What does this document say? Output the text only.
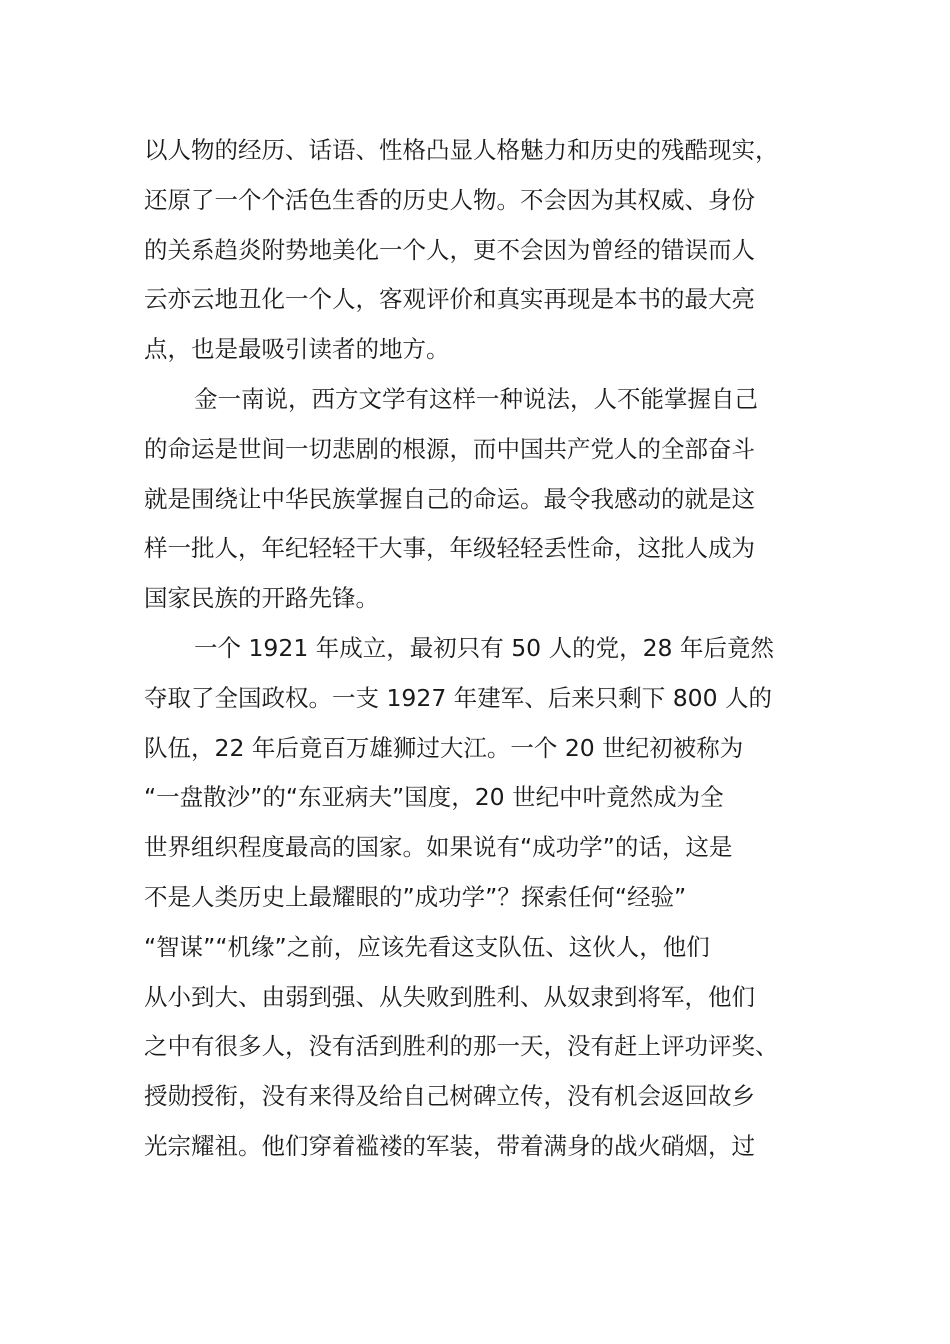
以人物的经历、话语、性格凸显人格魅力和历史的残酷现实，
还原了一个个活色生香的历史人物。不会因为其权威、身份
的关系趋炎附势地美化一个人，更不会因为曾经的错误而人
云亦云地丑化一个人，客观评价和真实再现是本书的最大亮
点，也是最吸引读者的地方。
金一南说，西方文学有这样一种说法，人不能掌握自己
的命运是世间一切悲剧的根源，而中国共产党人的全部奋斗
就是围绕让中华民族掌握自己的命运。最令我感动的就是这
样一批人，年纪轻轻干大事，年级轻轻丢性命，这批人成为
国家民族的开路先锋。
一个 1921 年成立，最初只有 50 人的党，28 年后竟然
夺取了全国政权。一支 1927 年建军、后来只剩下 800 人的
队伍，22 年后竟百万雄狮过大江。一个 20 世纪初被称为
“一盘散沙”的“东亚病夫”国度，20 世纪中叶竟然成为全
世界组织程度最高的国家。如果说有“成功学”的话，这是
不是人类历史上最耀眼的”成功学”？探索任何“经验”
“智谋”“机缘”之前，应该先看这支队伍、这伙人，他们
从小到大、由弱到强、从失败到胜利、从奴隶到将军，他们
之中有很多人，没有活到胜利的那一天，没有赶上评功评奖、
授勋授衔，没有来得及给自己树碑立传，没有机会返回故乡
光宗耀祖。他们穿着褴褛的军装，带着满身的战火硝烟，过
